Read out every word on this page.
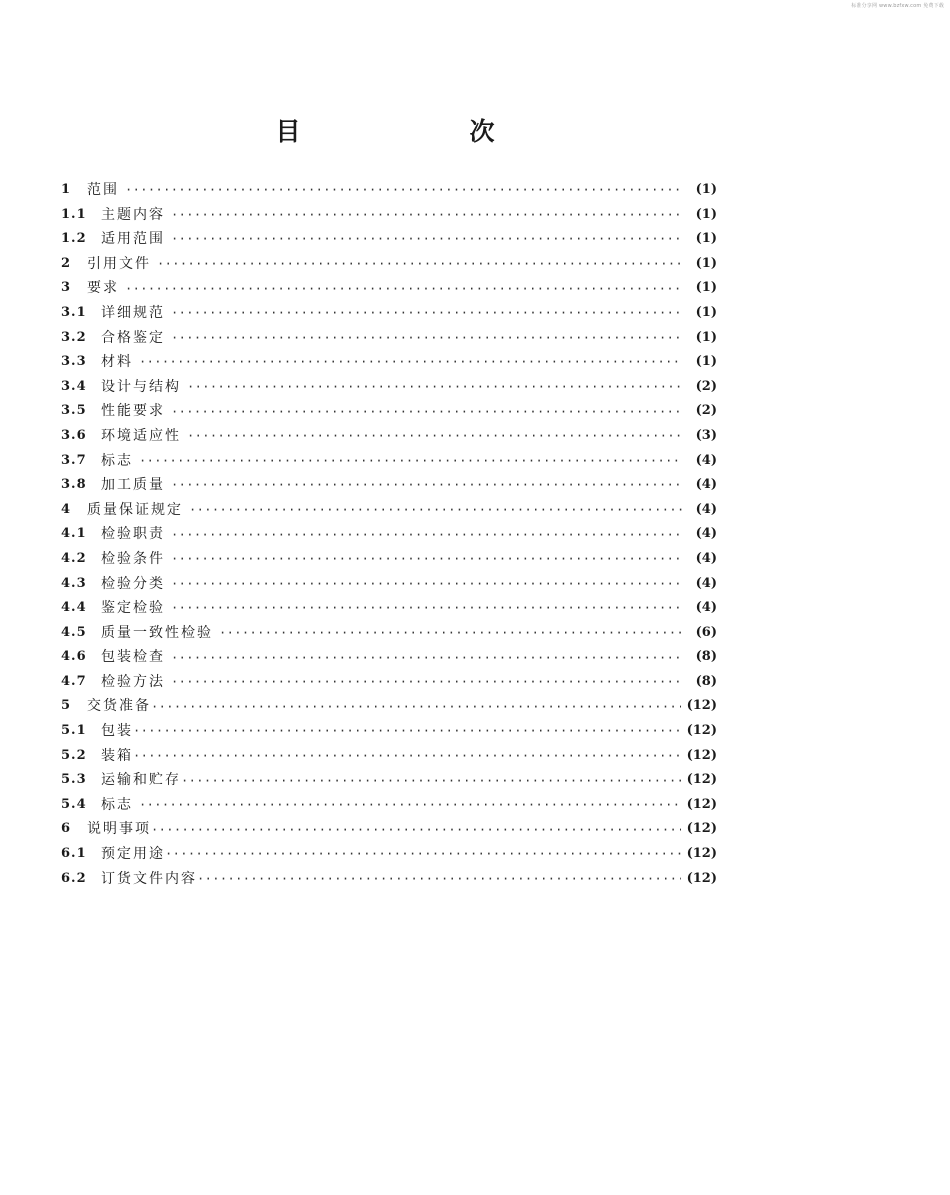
标准分享网 www.bzfxw.com 免费下载
目　次
1	范围 ·····	(1)
1.1	主题内容 ·····	(1)
1.2	适用范围 ·····	(1)
2	引用文件 ·····	(1)
3	要求 ·····	(1)
3.1	详细规范 ·····	(1)
3.2	合格鉴定 ·····	(1)
3.3	材料 ·····	(1)
3.4	设计与结构 ·····	(2)
3.5	性能要求 ·····	(2)
3.6	环境适应性 ·····	(3)
3.7	标志 ·····	(4)
3.8	加工质量 ·····	(4)
4	质量保证规定 ·····	(4)
4.1	检验职责 ·····	(4)
4.2	检验条件 ·····	(4)
4.3	检验分类 ·····	(4)
4.4	鉴定检验 ·····	(4)
4.5	质量一致性检验 ·····	(6)
4.6	包装检查 ·····	(8)
4.7	检验方法 ·····	(8)
5	交货准备 ·····	(12)
5.1	包装 ·····	(12)
5.2	装箱 ·····	(12)
5.3	运输和贮存 ·····	(12)
5.4	标志 ·····	(12)
6	说明事项 ·····	(12)
6.1	预定用途 ·····	(12)
6.2	订货文件内容 ·····	(12)
